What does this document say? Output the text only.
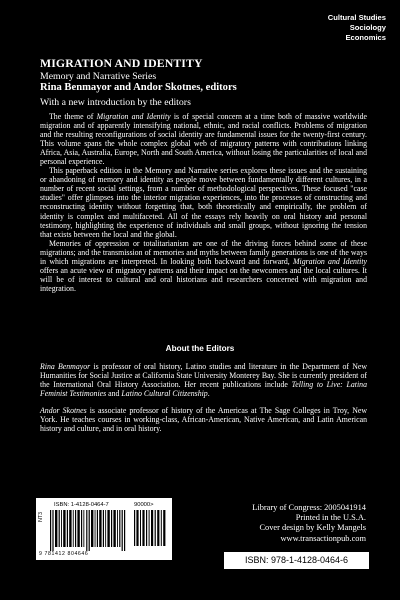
Cultural Studies
Sociology
Economics
MIGRATION AND IDENTITY
Memory and Narrative Series
Rina Benmayor and Andor Skotnes, editors
With a new introduction by the editors

The theme of Migration and Identity is of special concern at a time both of massive worldwide migration and of apparently intensifying national, ethnic, and racial conflicts. Problems of migration and the resulting reconfigurations of social identity are fundamental issues for the twenty-first century. This volume spans the whole complex global web of migratory patterns with contributions linking Africa, Asia, Australia, Europe, North and South America, without losing the particularities of local and personal experience.

This paperback edition in the Memory and Narrative series explores these issues and the sustaining or abandoning of memory and identity as people move between fundamentally different cultures, in a number of recent social settings, from a number of methodological perspectives. These focused "case studies" offer glimpses into the interior migration experiences, into the processes of constructing and reconstructing identity without forgetting that, both theoretically and empirically, the problem of identity is complex and multifaceted. All of the essays rely heavily on oral history and personal testimony, highlighting the experience of individuals and small groups, without ignoring the tension that exists between the local and the global.

Memories of oppression or totalitarianism are one of the driving forces behind some of these migrations; and the transmission of memories and myths between family generations is one of the ways in which migrations are interpreted. In looking both backward and forward, Migration and Identity offers an acute view of migratory patterns and their impact on the newcomers and the local cultures. It will be of interest to cultural and oral historians and researchers concerned with migration and integration.

About the Editors

Rina Benmayor is professor of oral history, Latino studies and literature in the Department of New Humanities for Social Justice at California State University Monterey Bay. She is currently president of the International Oral History Association. Her recent publications include Telling to Live: Latina Feminist Testimonies and Latino Cultural Citizenship.

Andor Skotnes is associate professor of history of the Americas at The Sage Colleges in Troy, New York. He teaches courses in working-class, African-American, Native American, and Latin American history and culture, and in oral history.

NT3
ISBN: 1-4128-0464-7	90000>
9 781412 804646
Library of Congress: 2005041914
Printed in the U.S.A.
Cover design by Kelly Mangels
www.transactionpub.com
ISBN: 978-1-4128-0464-6
